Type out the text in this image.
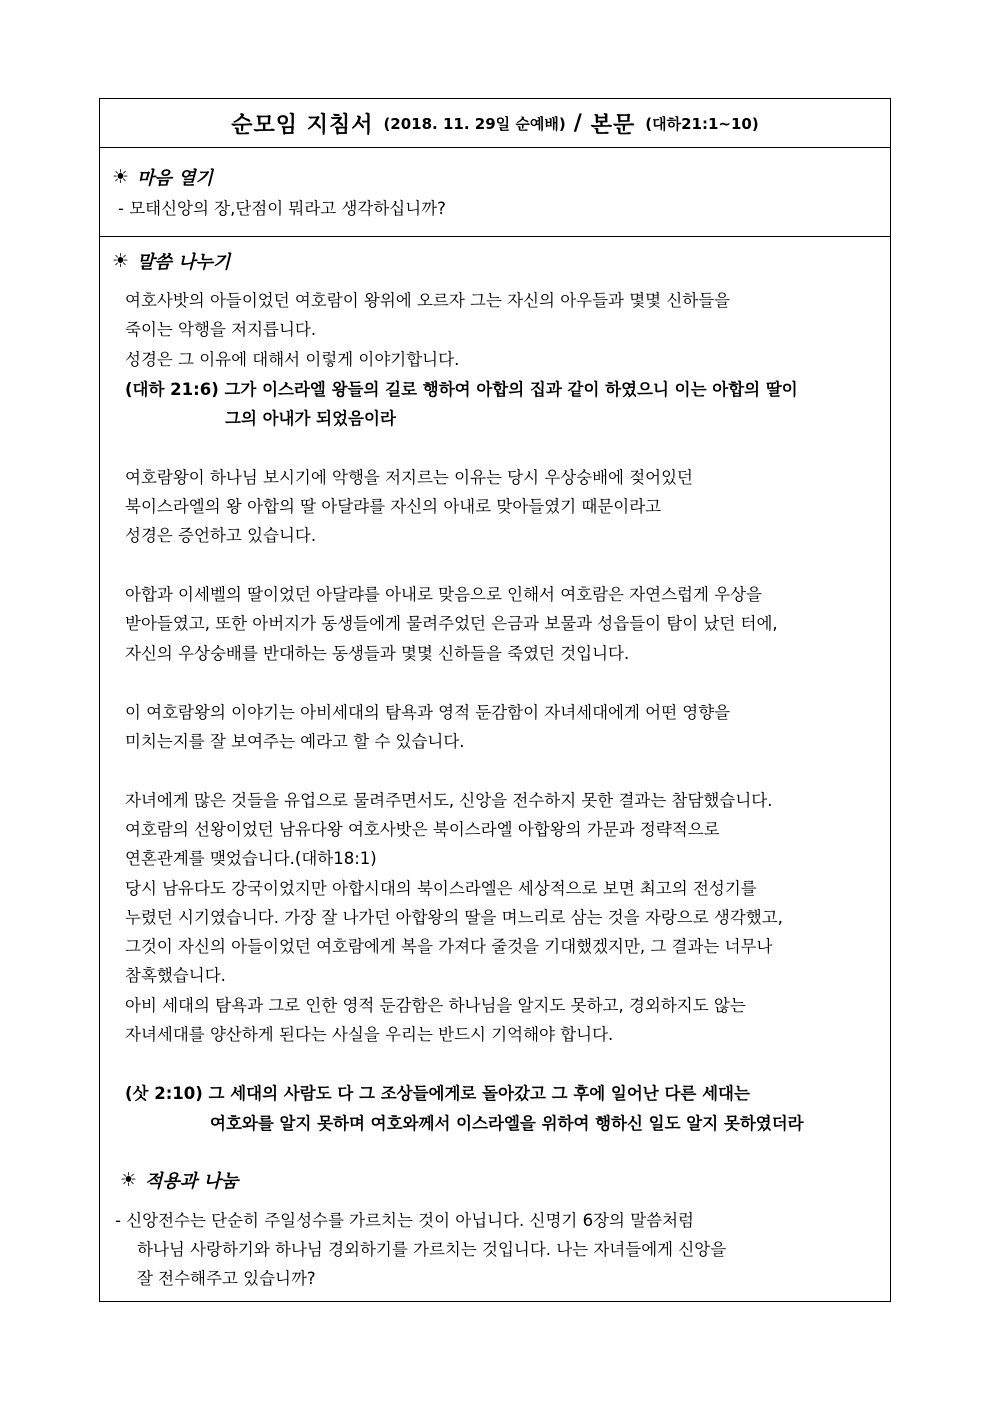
순모임 지침서 (2018. 11. 29일 순예배) / 본문 (대하21:1~10)
☀ 마음 열기
- 모태신앙의 장,단점이 뭐라고 생각하십니까?
☀ 말씀 나누기
여호사밧의 아들이었던 여호람이 왕위에 오르자 그는 자신의 아우들과 몇몇 신하들을
죽이는 악행을 저지릅니다.
성경은 그 이유에 대해서 이렇게 이야기합니다.
(대하 21:6) 그가 이스라엘 왕들의 길로 행하여 아합의 집과 같이 하였으니 이는 아합의 딸이
그의 아내가 되었음이라
여호람왕이 하나님 보시기에 악행을 저지르는 이유는 당시 우상숭배에 젖어있던
북이스라엘의 왕 아합의 딸 아달랴를 자신의 아내로 맞아들였기 때문이라고
성경은 증언하고 있습니다.
아합과 이세벨의 딸이었던 아달랴를 아내로 맞음으로 인해서 여호람은 자연스럽게 우상을
받아들였고, 또한 아버지가 동생들에게 물려주었던 은금과 보물과 성읍들이 탐이 났던 터에,
자신의 우상숭배를 반대하는 동생들과 몇몇 신하들을 죽였던 것입니다.
이 여호람왕의 이야기는 아비세대의 탐욕과 영적 둔감함이 자녀세대에게 어떤 영향을
미치는지를 잘 보여주는 예라고 할 수 있습니다.
자녀에게 많은 것들을 유업으로 물려주면서도, 신앙을 전수하지 못한 결과는 참담했습니다.
여호람의 선왕이었던 남유다왕 여호사밧은 북이스라엘 아합왕의 가문과 정략적으로
연혼관계를 맺었습니다.(대하18:1)
당시 남유다도 강국이었지만 아합시대의 북이스라엘은 세상적으로 보면 최고의 전성기를
누렸던 시기였습니다. 가장 잘 나가던 아합왕의 딸을 며느리로 삼는 것을 자랑으로 생각했고,
그것이 자신의 아들이었던 여호람에게 복을 가져다 줄것을 기대했겠지만, 그 결과는 너무나
참혹했습니다.
아비 세대의 탐욕과 그로 인한 영적 둔감함은 하나님을 알지도 못하고, 경외하지도 않는
자녀세대를 양산하게 된다는 사실을 우리는 반드시 기억해야 합니다.
(삿 2:10) 그 세대의 사람도 다 그 조상들에게로 돌아갔고 그 후에 일어난 다른 세대는
여호와를 알지 못하며 여호와께서 이스라엘을 위하여 행하신 일도 알지 못하였더라
☀ 적용과 나눔
- 신앙전수는 단순히 주일성수를 가르치는 것이 아닙니다. 신명기 6장의 말씀처럼
하나님 사랑하기와 하나님 경외하기를 가르치는 것입니다. 나는 자녀들에게 신앙을
잘 전수해주고 있습니까?
